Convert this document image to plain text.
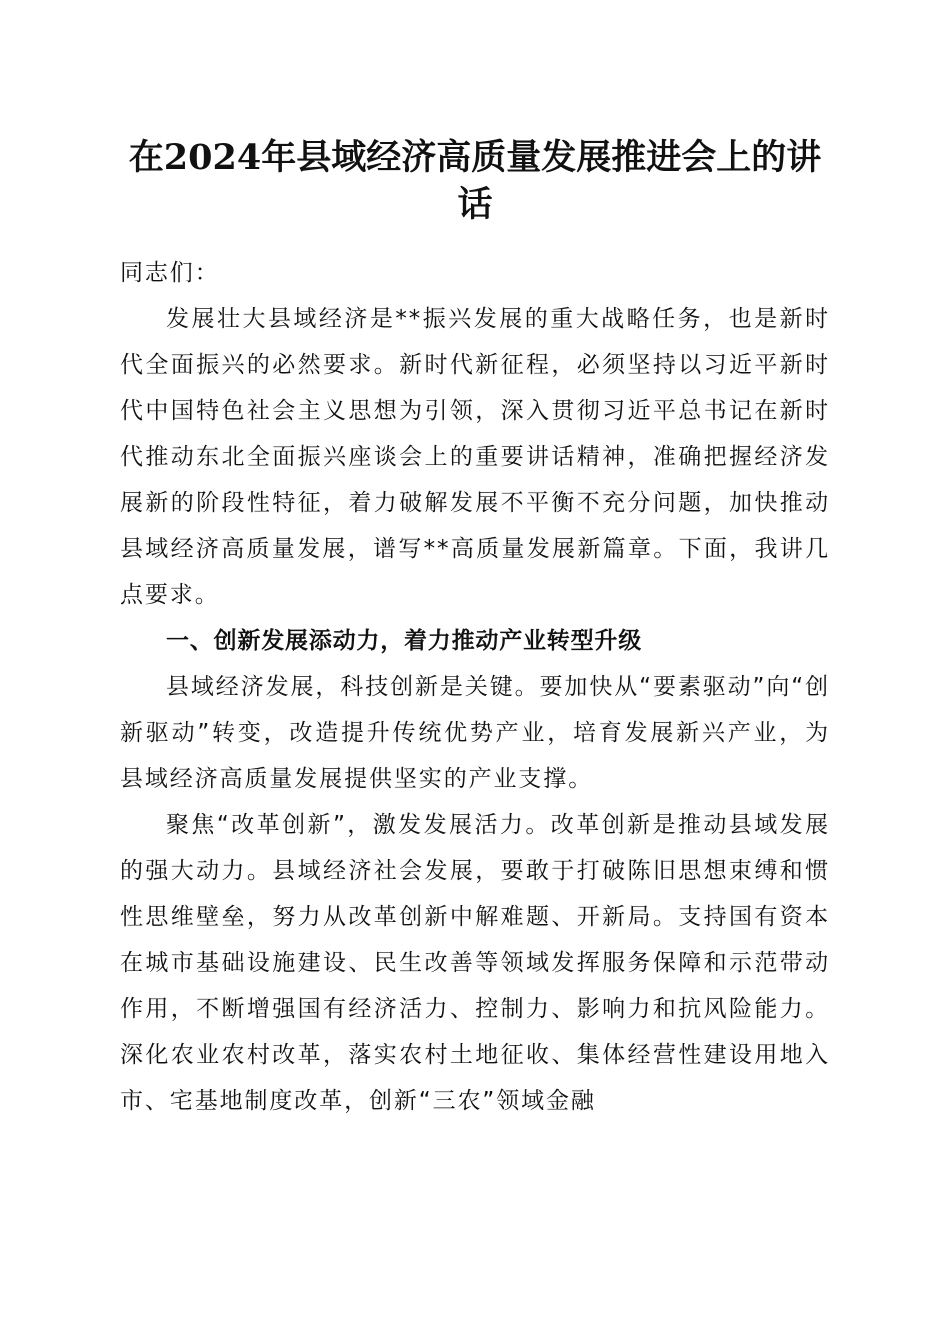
在2024年县域经济高质量发展推进会上的讲话

同志们：

发展壮大县域经济是**振兴发展的重大战略任务，也是新时代全面振兴的必然要求。新时代新征程，必须坚持以习近平新时代中国特色社会主义思想为引领，深入贯彻习近平总书记在新时代推动东北全面振兴座谈会上的重要讲话精神，准确把握经济发展新的阶段性特征，着力破解发展不平衡不充分问题，加快推动县域经济高质量发展，谱写**高质量发展新篇章。下面，我讲几点要求。

一、创新发展添动力，着力推动产业转型升级

县域经济发展，科技创新是关键。要加快从“要素驱动”向“创新驱动”转变，改造提升传统优势产业，培育发展新兴产业，为县域经济高质量发展提供坚实的产业支撑。

聚焦“改革创新”，激发发展活力。改革创新是推动县域发展的强大动力。县域经济社会发展，要敢于打破陈旧思想束缚和惯性思维壁垒，努力从改革创新中解难题、开新局。支持国有资本在城市基础设施建设、民生改善等领域发挥服务保障和示范带动作用，不断增强国有经济活力、控制力、影响力和抗风险能力。深化农业农村改革，落实农村土地征收、集体经营性建设用地入市、宅基地制度改革，创新“三农”领域金融
